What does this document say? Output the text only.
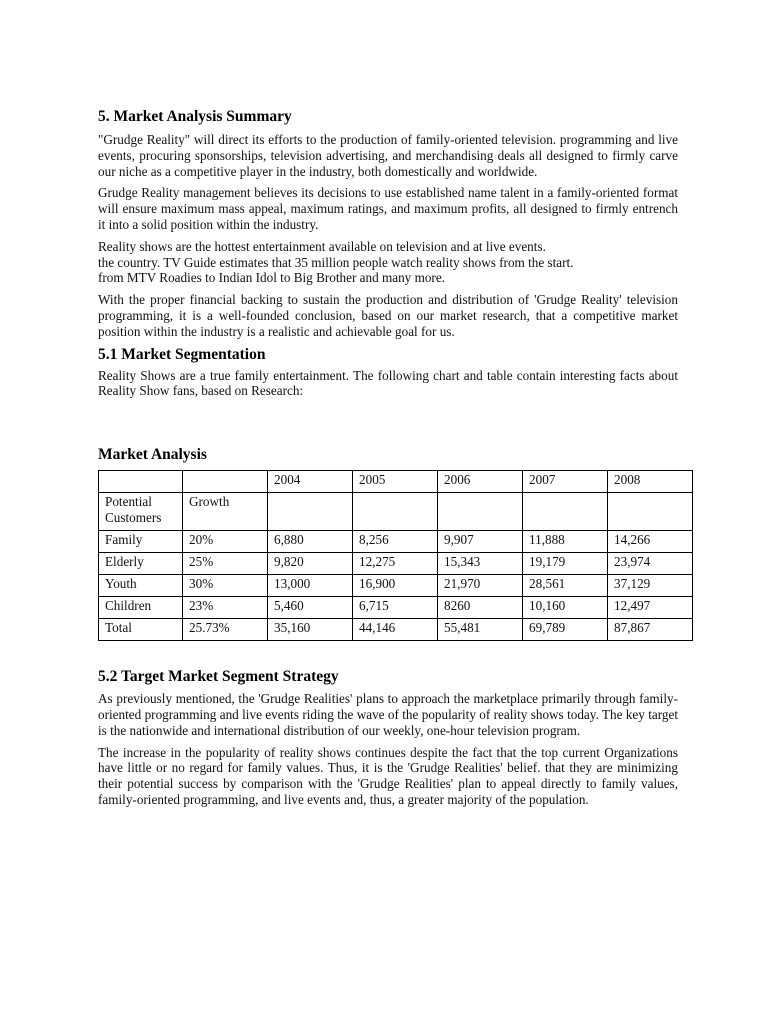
5. Market Analysis Summary

"Grudge Reality" will direct its efforts to the production of family-oriented television. programming and live events, procuring sponsorships, television advertising, and merchandising deals all designed to firmly carve our niche as a competitive player in the industry, both domestically and worldwide.

Grudge Reality management believes its decisions to use established name talent in a family-oriented format will ensure maximum mass appeal, maximum ratings, and maximum profits, all designed to firmly entrench it into a solid position within the industry.

Reality shows are the hottest entertainment available on television and at live events.

the country. TV Guide estimates that 35 million people watch reality shows from the start.

from MTV Roadies to Indian Idol to Big Brother and many more.

With the proper financial backing to sustain the production and distribution of 'Grudge Reality' television programming, it is a well-founded conclusion, based on our market research, that a competitive market position within the industry is a realistic and achievable goal for us.

5.1 Market Segmentation

Reality Shows are a true family entertainment. The following chart and table contain interesting facts about Reality Show fans, based on Research:

Market Analysis
		2004	2005	2006	2007	2008
Potential Customers	Growth					
Family	20%	6,880	8,256	9,907	11,888	14,266
Elderly	25%	9,820	12,275	15,343	19,179	23,974
Youth	30%	13,000	16,900	21,970	28,561	37,129
Children	23%	5,460	6,715	8260	10,160	12,497
Total	25.73%	35,160	44,146	55,481	69,789	87,867
5.2 Target Market Segment Strategy

As previously mentioned, the 'Grudge Realities' plans to approach the marketplace primarily through family-oriented programming and live events riding the wave of the popularity of reality shows today. The key target is the nationwide and international distribution of our weekly, one-hour television program.

The increase in the popularity of reality shows continues despite the fact that the top current Organizations have little or no regard for family values. Thus, it is the 'Grudge Realities' belief. that they are minimizing their potential success by comparison with the 'Grudge Realities' plan to appeal directly to family values, family-oriented programming, and live events and, thus, a greater majority of the population.
